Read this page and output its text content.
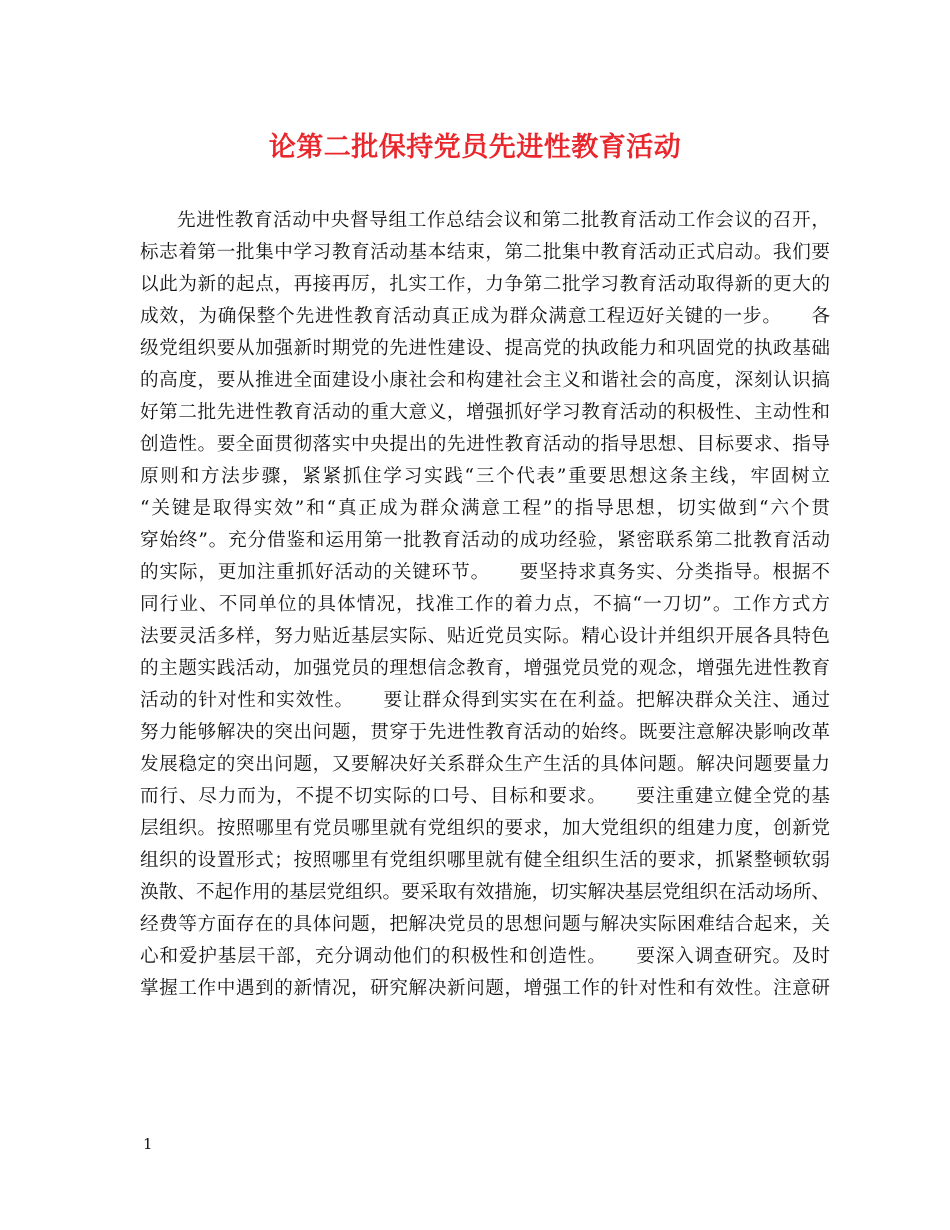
论第二批保持党员先进性教育活动
先进性教育活动中央督导组工作总结会议和第二批教育活动工作会议的召开，
标志着第一批集中学习教育活动基本结束，第二批集中教育活动正式启动。我们要
以此为新的起点，再接再厉，扎实工作，力争第二批学习教育活动取得新的更大的
成效，为确保整个先进性教育活动真正成为群众满意工程迈好关键的一步。　　各
级党组织要从加强新时期党的先进性建设、提高党的执政能力和巩固党的执政基础
的高度，要从推进全面建设小康社会和构建社会主义和谐社会的高度，深刻认识搞
好第二批先进性教育活动的重大意义，增强抓好学习教育活动的积极性、主动性和
创造性。要全面贯彻落实中央提出的先进性教育活动的指导思想、目标要求、指导
原则和方法步骤，紧紧抓住学习实践“三个代表”重要思想这条主线，牢固树立
“关键是取得实效”和“真正成为群众满意工程”的指导思想，切实做到“六个贯
穿始终”。充分借鉴和运用第一批教育活动的成功经验，紧密联系第二批教育活动
的实际，更加注重抓好活动的关键环节。　　要坚持求真务实、分类指导。根据不
同行业、不同单位的具体情况，找准工作的着力点，不搞“一刀切”。工作方式方
法要灵活多样，努力贴近基层实际、贴近党员实际。精心设计并组织开展各具特色
的主题实践活动，加强党员的理想信念教育，增强党员党的观念，增强先进性教育
活动的针对性和实效性。　　要让群众得到实实在在利益。把解决群众关注、通过
努力能够解决的突出问题，贯穿于先进性教育活动的始终。既要注意解决影响改革
发展稳定的突出问题，又要解决好关系群众生产生活的具体问题。解决问题要量力
而行、尽力而为，不提不切实际的口号、目标和要求。　　要注重建立健全党的基
层组织。按照哪里有党员哪里就有党组织的要求，加大党组织的组建力度，创新党
组织的设置形式；按照哪里有党组织哪里就有健全组织生活的要求，抓紧整顿软弱
涣散、不起作用的基层党组织。要采取有效措施，切实解决基层党组织在活动场所、
经费等方面存在的具体问题，把解决党员的思想问题与解决实际困难结合起来，关
心和爱护基层干部，充分调动他们的积极性和创造性。　　要深入调查研究。及时
掌握工作中遇到的新情况，研究解决新问题，增强工作的针对性和有效性。注意研
1
